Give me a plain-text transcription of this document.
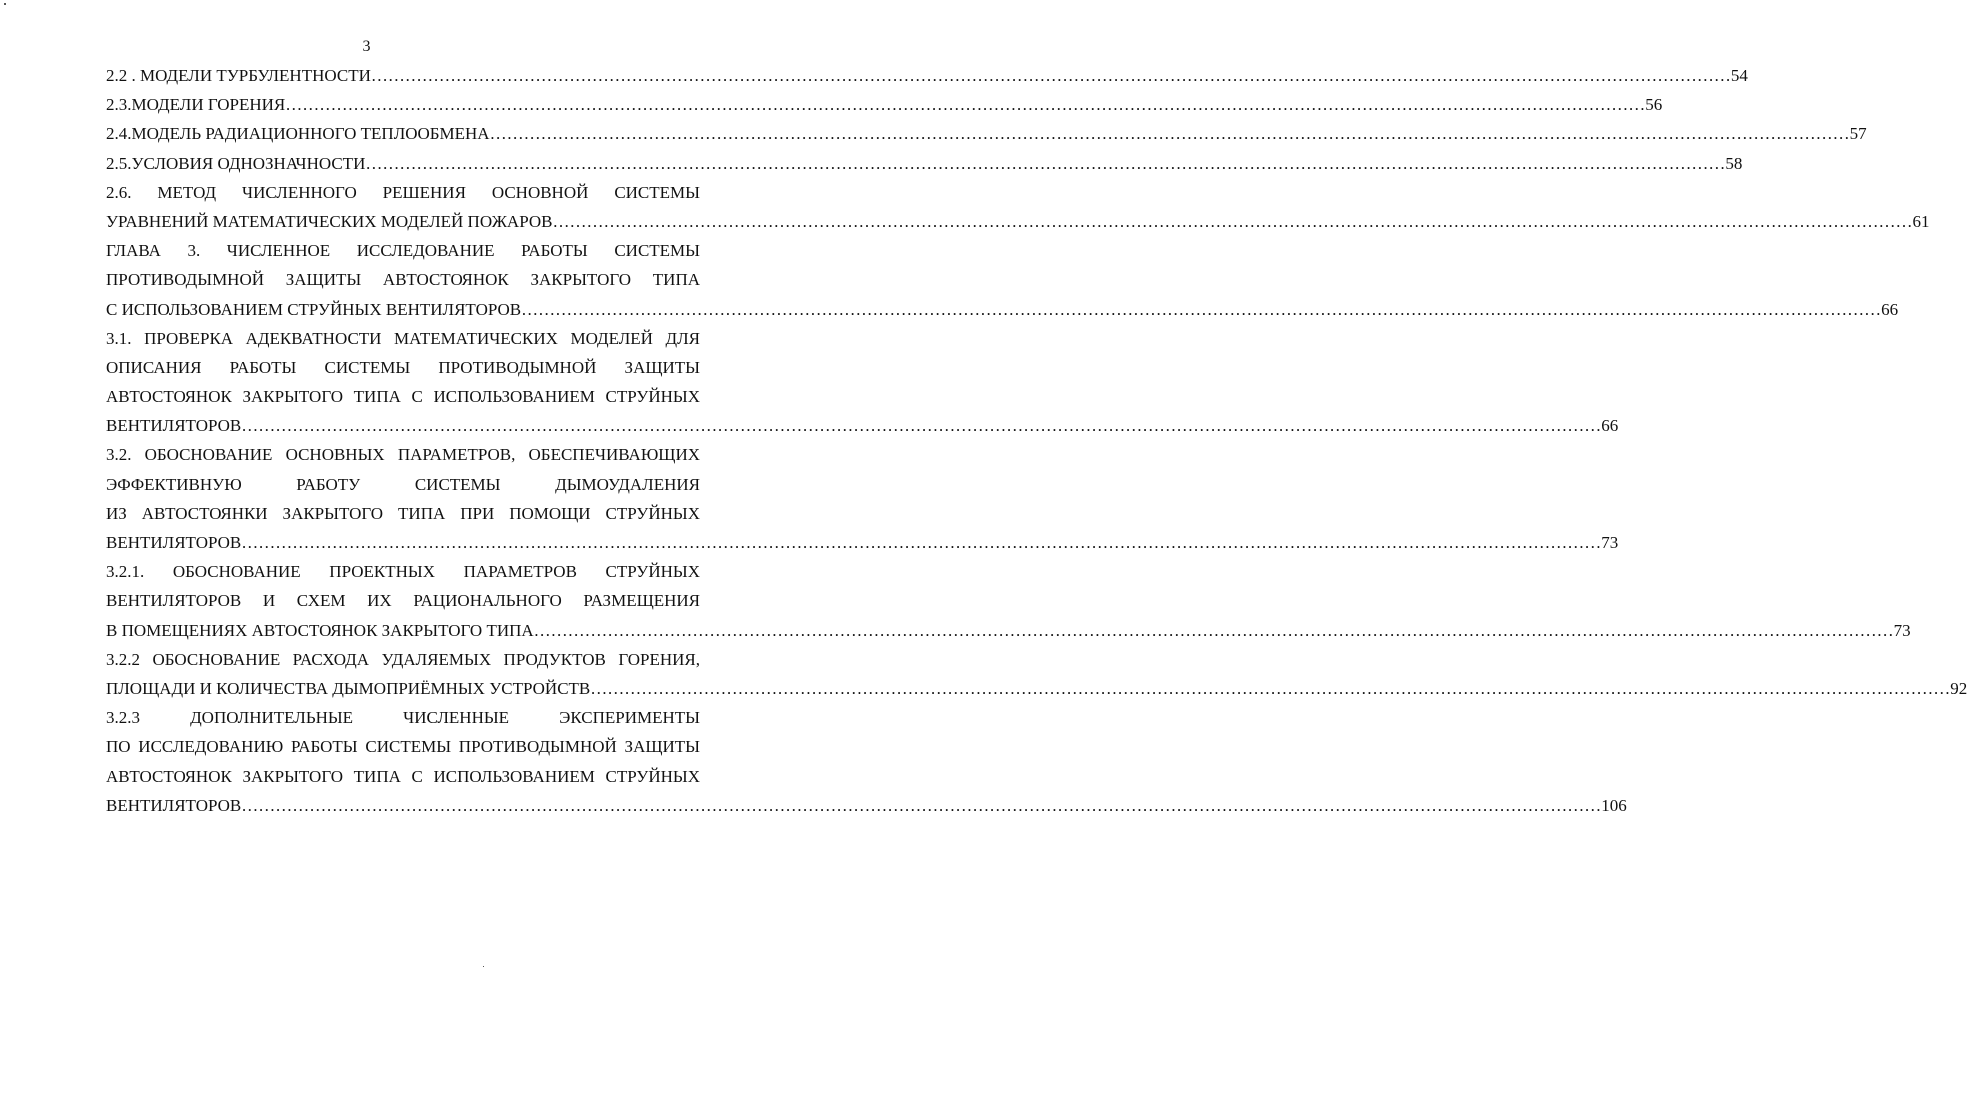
3
2.2 . МОДЕЛИ ТУРБУЛЕНТНОСТИ …………………………………………………………………………………………………………………………………………………………………………………………………………………… 54
2.3.МОДЕЛИ ГОРЕНИЯ …………………………………………………………………………………………………………………………………………………………………………………………………………………… 56
2.4.МОДЕЛЬ РАДИАЦИОННОГО ТЕПЛООБМЕНА …………………………………………………………………………………………………………………………………………………………………………………………………………………… 57
2.5.УСЛОВИЯ ОДНОЗНАЧНОСТИ …………………………………………………………………………………………………………………………………………………………………………………………………………………… 58
2.6. МЕТОД ЧИСЛЕННОГО РЕШЕНИЯ ОСНОВНОЙ СИСТЕМЫ
УРАВНЕНИЙ МАТЕМАТИЧЕСКИХ МОДЕЛЕЙ ПОЖАРОВ …………………………………………………………………………………………………………………………………………………………………………………………………………………… 61
ГЛАВА 3. ЧИСЛЕННОЕ ИССЛЕДОВАНИЕ РАБОТЫ СИСТЕМЫ
ПРОТИВОДЫМНОЙ ЗАЩИТЫ АВТОСТОЯНОК ЗАКРЫТОГО ТИПА
С ИСПОЛЬЗОВАНИЕМ СТРУЙНЫХ ВЕНТИЛЯТОРОВ …………………………………………………………………………………………………………………………………………………………………………………………………………………… 66
3.1. ПРОВЕРКА АДЕКВАТНОСТИ МАТЕМАТИЧЕСКИХ МОДЕЛЕЙ ДЛЯ
ОПИСАНИЯ РАБОТЫ СИСТЕМЫ ПРОТИВОДЫМНОЙ ЗАЩИТЫ
АВТОСТОЯНОК ЗАКРЫТОГО ТИПА С ИСПОЛЬЗОВАНИЕМ СТРУЙНЫХ
ВЕНТИЛЯТОРОВ …………………………………………………………………………………………………………………………………………………………………………………………………………………… 66
3.2. ОБОСНОВАНИЕ ОСНОВНЫХ ПАРАМЕТРОВ, ОБЕСПЕЧИВАЮЩИХ
ЭФФЕКТИВНУЮ РАБОТУ СИСТЕМЫ ДЫМОУДАЛЕНИЯ
ИЗ АВТОСТОЯНКИ ЗАКРЫТОГО ТИПА ПРИ ПОМОЩИ СТРУЙНЫХ
ВЕНТИЛЯТОРОВ …………………………………………………………………………………………………………………………………………………………………………………………………………………… 73
3.2.1. ОБОСНОВАНИЕ ПРОЕКТНЫХ ПАРАМЕТРОВ СТРУЙНЫХ
ВЕНТИЛЯТОРОВ И СХЕМ ИХ РАЦИОНАЛЬНОГО РАЗМЕЩЕНИЯ
В ПОМЕЩЕНИЯХ АВТОСТОЯНОК ЗАКРЫТОГО ТИПА …………………………………………………………………………………………………………………………………………………………………………………………………………………… 73
3.2.2 ОБОСНОВАНИЕ РАСХОДА УДАЛЯЕМЫХ ПРОДУКТОВ ГОРЕНИЯ,
ПЛОЩАДИ И КОЛИЧЕСТВА ДЫМОПРИЁМНЫХ УСТРОЙСТВ …………………………………………………………………………………………………………………………………………………………………………………………………………………… 92
3.2.3 ДОПОЛНИТЕЛЬНЫЕ ЧИСЛЕННЫЕ ЭКСПЕРИМЕНТЫ
ПО ИССЛЕДОВАНИЮ РАБОТЫ СИСТЕМЫ ПРОТИВОДЫМНОЙ ЗАЩИТЫ
АВТОСТОЯНОК ЗАКРЫТОГО ТИПА С ИСПОЛЬЗОВАНИЕМ СТРУЙНЫХ
ВЕНТИЛЯТОРОВ …………………………………………………………………………………………………………………………………………………………………………………………………………………… 106
